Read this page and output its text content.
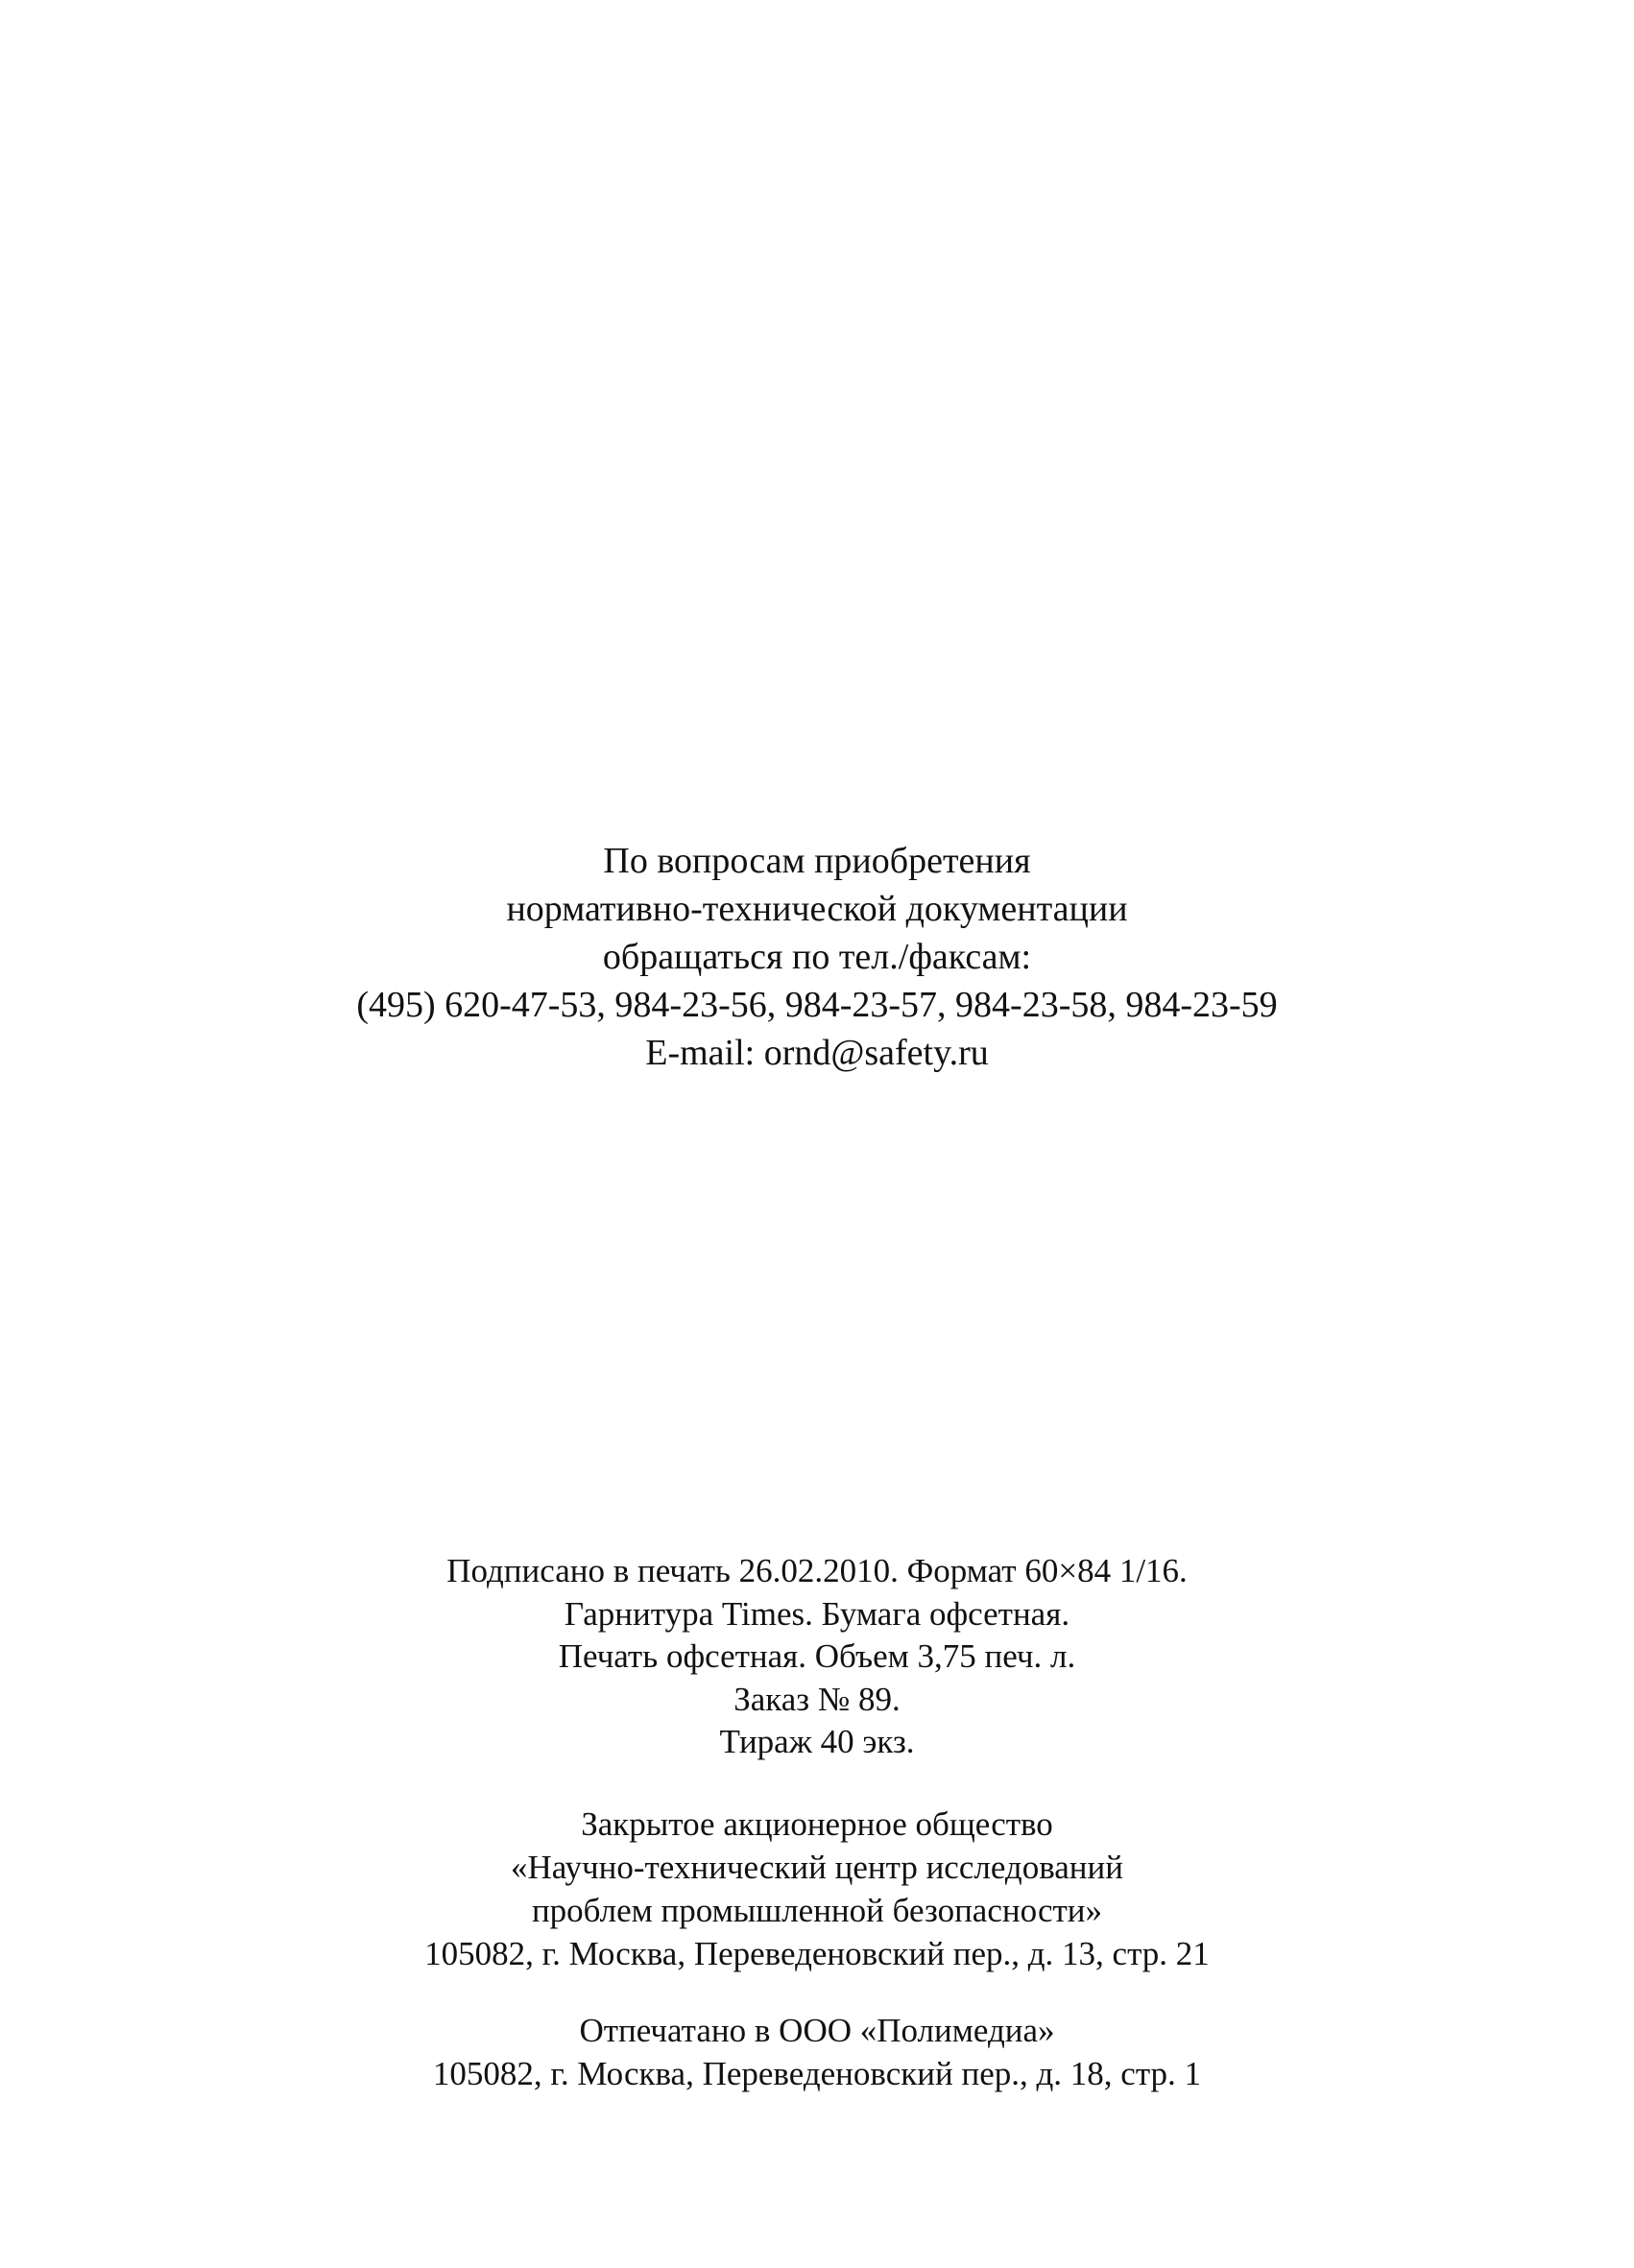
По вопросам приобретения
нормативно-технической документации
обращаться по тел./факсам:
(495) 620-47-53, 984-23-56, 984-23-57, 984-23-58, 984-23-59
E-mail: ornd@safety.ru
Подписано в печать 26.02.2010. Формат 60×84 1/16.
Гарнитура Times. Бумага офсетная.
Печать офсетная. Объем 3,75 печ. л.
Заказ № 89.
Тираж 40 экз.
Закрытое акционерное общество
«Научно-технический центр исследований
проблем промышленной безопасности»
105082, г. Москва, Переведеновский пер., д. 13, стр. 21
Отпечатано в ООО «Полимедиа»
105082, г. Москва, Переведеновский пер., д. 18, стр. 1
